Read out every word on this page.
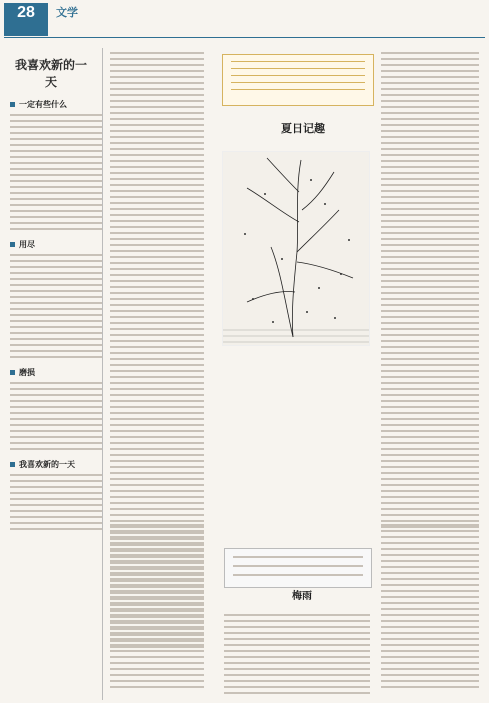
28	文学
我喜欢新的一天
一定有些什么
用尽
磨损
我喜欢新的一天
夏日记趣
梅雨
